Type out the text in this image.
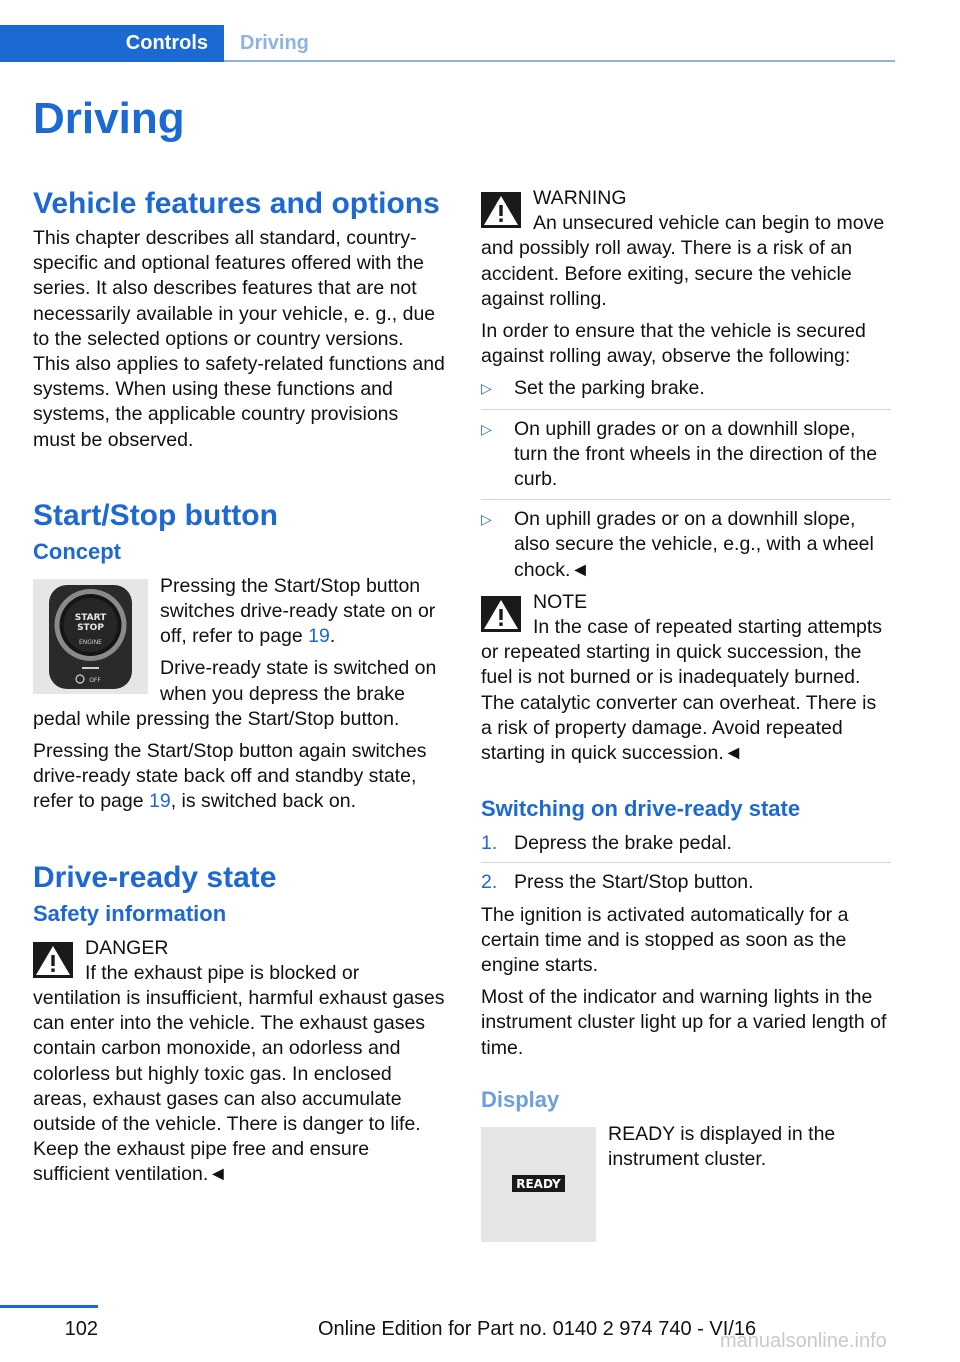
Controls	Driving
Driving
Vehicle features and options

This chapter describes all standard, country-specific and optional features offered with the series. It also describes features that are not necessarily available in your vehicle, e. g., due to the selected options or country versions. This also applies to safety-related functions and systems. When using these functions and systems, the applicable country provisions must be observed.

Start/Stop button
Concept
START
STOP
ENGINE
OFF

Pressing the Start/Stop button switches drive-ready state on or off, refer to page 19.

Drive-ready state is switched on when you depress the brake pedal while pressing the Start/Stop button.

Pressing the Start/Stop button again switches drive-ready state back off and standby state, refer to page 19, is switched back on.

Drive-ready state
Safety information

DANGER

If the exhaust pipe is blocked or ventilation is insufficient, harmful exhaust gases can enter into the vehicle. The exhaust gases contain carbon monoxide, an odorless and colorless but highly toxic gas. In enclosed areas, exhaust gases can also accumulate outside of the vehicle. There is danger to life. Keep the exhaust pipe free and ensure sufficient ventilation.◄

WARNING

An unsecured vehicle can begin to move and possibly roll away. There is a risk of an accident. Before exiting, secure the vehicle against rolling.

In order to ensure that the vehicle is secured against rolling away, observe the following:

▷ Set the parking brake.
▷ On uphill grades or on a downhill slope, turn the front wheels in the direction of the curb.
▷ On uphill grades or on a downhill slope, also secure the vehicle, e.g., with a wheel chock.◄

NOTE

In the case of repeated starting attempts or repeated starting in quick succession, the fuel is not burned or is inadequately burned. The catalytic converter can overheat. There is a risk of property damage. Avoid repeated starting in quick succession.◄

Switching on drive-ready state
1. Depress the brake pedal.
2. Press the Start/Stop button.

The ignition is activated automatically for a certain time and is stopped as soon as the engine starts.

Most of the indicator and warning lights in the instrument cluster light up for a varied length of time.

Display
READY

READY is displayed in the instrument cluster.

102	Online Edition for Part no. 0140 2 974 740 - VI/16
manualsonline.info
